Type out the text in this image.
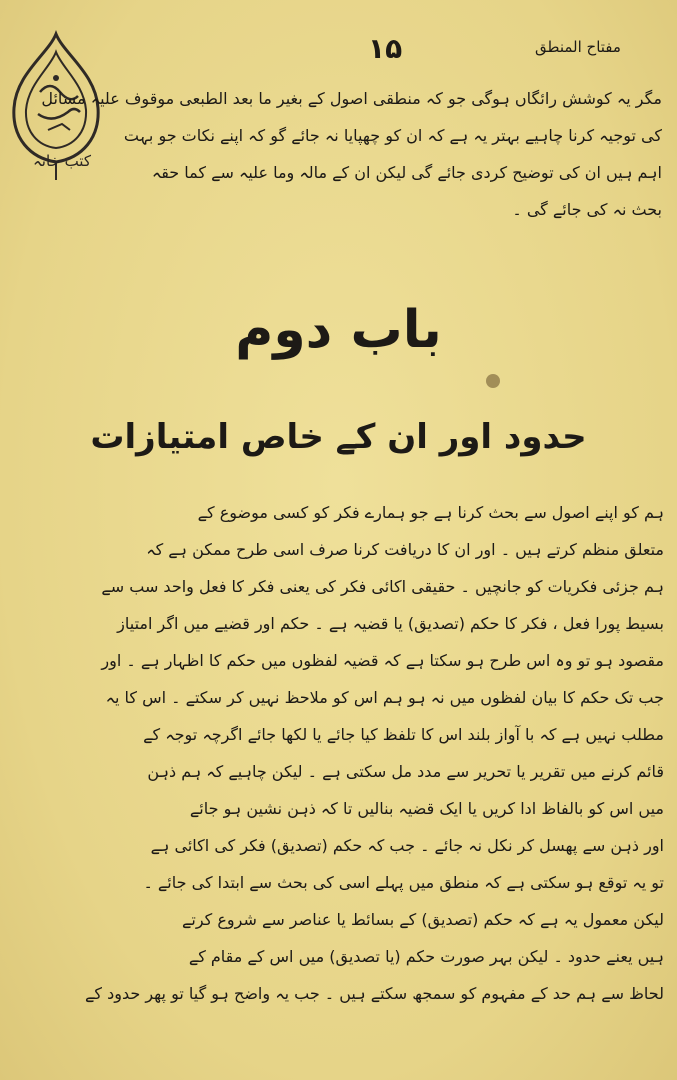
۱۵	مفتاح المنطق
کتب خانہ
مگر یہ کوشش رائگاں ہوگی جو کہ منطقی اصول کے بغیر ما بعد الطبعی موقوف علیہ مسائل
کی توجیہ کرنا چاہیے بہتر یہ ہے کہ ان کو چھپایا نہ جائے گو کہ اپنے نکات جو بہت
اہم ہیں ان کی توضیح کردی جائے گی لیکن ان کے مالہ وما علیہ سے کما حقہ
بحث نہ کی جائے گی ۔
باب دوم
حدود اور ان کے خاص امتیازات
ہم کو اپنے اصول سے بحث کرنا ہے جو ہمارے فکر کو کسی موضوع کے
متعلق منظم کرتے ہیں ۔ اور ان کا دریافت کرنا صرف اسی طرح ممکن ہے کہ
ہم جزئی فکریات کو جانچیں ۔ حقیقی اکائی فکر کی یعنی فکر کا فعل واحد سب سے
بسیط پورا فعل ، فکر کا حکم (تصدیق) یا قضیہ ہے ۔ حکم اور قضیے میں اگر امتیاز
مقصود ہو تو وہ اس طرح ہو سکتا ہے کہ قضیہ لفظوں میں حکم کا اظہار ہے ۔ اور
جب تک حکم کا بیان لفظوں میں نہ ہو ہم اس کو ملاحظ نہیں کر سکتے ۔ اس کا یہ
مطلب نہیں ہے کہ با آواز بلند اس کا تلفظ کیا جائے یا لکھا جائے اگرچہ توجہ کے
قائم کرنے میں تقریر یا تحریر سے مدد مل سکتی ہے ۔ لیکن چاہیے کہ ہم ذہن
میں اس کو بالفاظ ادا کریں یا ایک قضیہ بنالیں تا کہ ذہن نشین ہو جائے
اور ذہن سے پھسل کر نکل نہ جائے ۔ جب کہ حکم (تصدیق) فکر کی اکائی ہے
تو یہ توقع ہو سکتی ہے کہ منطق میں پہلے اسی کی بحث سے ابتدا کی جائے ۔
لیکن معمول یہ ہے کہ حکم (تصدیق) کے بسائط یا عناصر سے شروع کرتے
ہیں یعنے حدود ۔ لیکن بہر صورت حکم (یا تصدیق) میں اس کے مقام کے
لحاظ سے ہم حد کے مفہوم کو سمجھ سکتے ہیں ۔ جب یہ واضح ہو گیا تو پھر حدود کے
